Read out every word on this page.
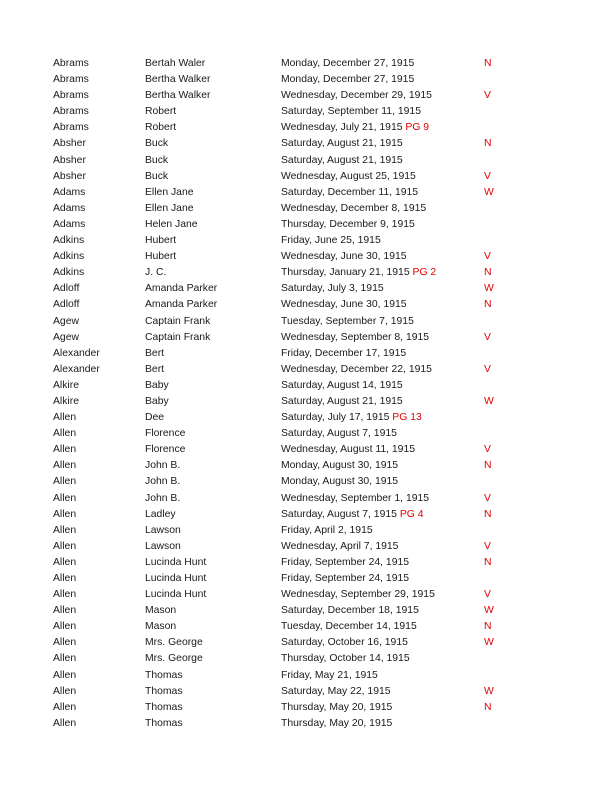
Abrams	Bertah Waler	Monday, December 27, 1915	N
Abrams	Bertha Walker	Monday, December 27, 1915
Abrams	Bertha Walker	Wednesday, December 29, 1915	V
Abrams	Robert	Saturday, September 11, 1915
Abrams	Robert	Wednesday, July 21, 1915 PG 9
Absher	Buck	Saturday, August 21, 1915	N
Absher	Buck	Saturday, August 21, 1915
Absher	Buck	Wednesday, August 25, 1915	V
Adams	Ellen Jane	Saturday, December 11, 1915	W
Adams	Ellen Jane	Wednesday, December 8, 1915
Adams	Helen Jane	Thursday, December 9, 1915
Adkins	Hubert	Friday, June 25, 1915
Adkins	Hubert	Wednesday, June 30, 1915	V
Adkins	J. C.	Thursday, January 21, 1915 PG 2	N
Adloff	Amanda Parker	Saturday, July 3, 1915	W
Adloff	Amanda Parker	Wednesday, June 30, 1915	N
Agew	Captain Frank	Tuesday, September 7, 1915
Agew	Captain Frank	Wednesday, September 8, 1915	V
Alexander	Bert	Friday, December 17, 1915
Alexander	Bert	Wednesday, December 22, 1915	V
Alkire	Baby	Saturday, August 14, 1915
Alkire	Baby	Saturday, August 21, 1915	W
Allen	Dee	Saturday, July 17, 1915 PG 13
Allen	Florence	Saturday, August 7, 1915
Allen	Florence	Wednesday, August 11, 1915	V
Allen	John B.	Monday, August 30, 1915	N
Allen	John B.	Monday, August 30, 1915
Allen	John B.	Wednesday, September 1, 1915	V
Allen	Ladley	Saturday, August 7, 1915 PG 4	N
Allen	Lawson	Friday, April 2, 1915
Allen	Lawson	Wednesday, April 7, 1915	V
Allen	Lucinda Hunt	Friday, September 24, 1915	N
Allen	Lucinda Hunt	Friday, September 24, 1915
Allen	Lucinda Hunt	Wednesday, September 29, 1915	V
Allen	Mason	Saturday, December 18, 1915	W
Allen	Mason	Tuesday, December 14, 1915	N
Allen	Mrs. George	Saturday, October 16, 1915	W
Allen	Mrs. George	Thursday, October 14, 1915
Allen	Thomas	Friday, May 21, 1915
Allen	Thomas	Saturday, May 22, 1915	W
Allen	Thomas	Thursday, May 20, 1915	N
Allen	Thomas	Thursday, May 20, 1915
